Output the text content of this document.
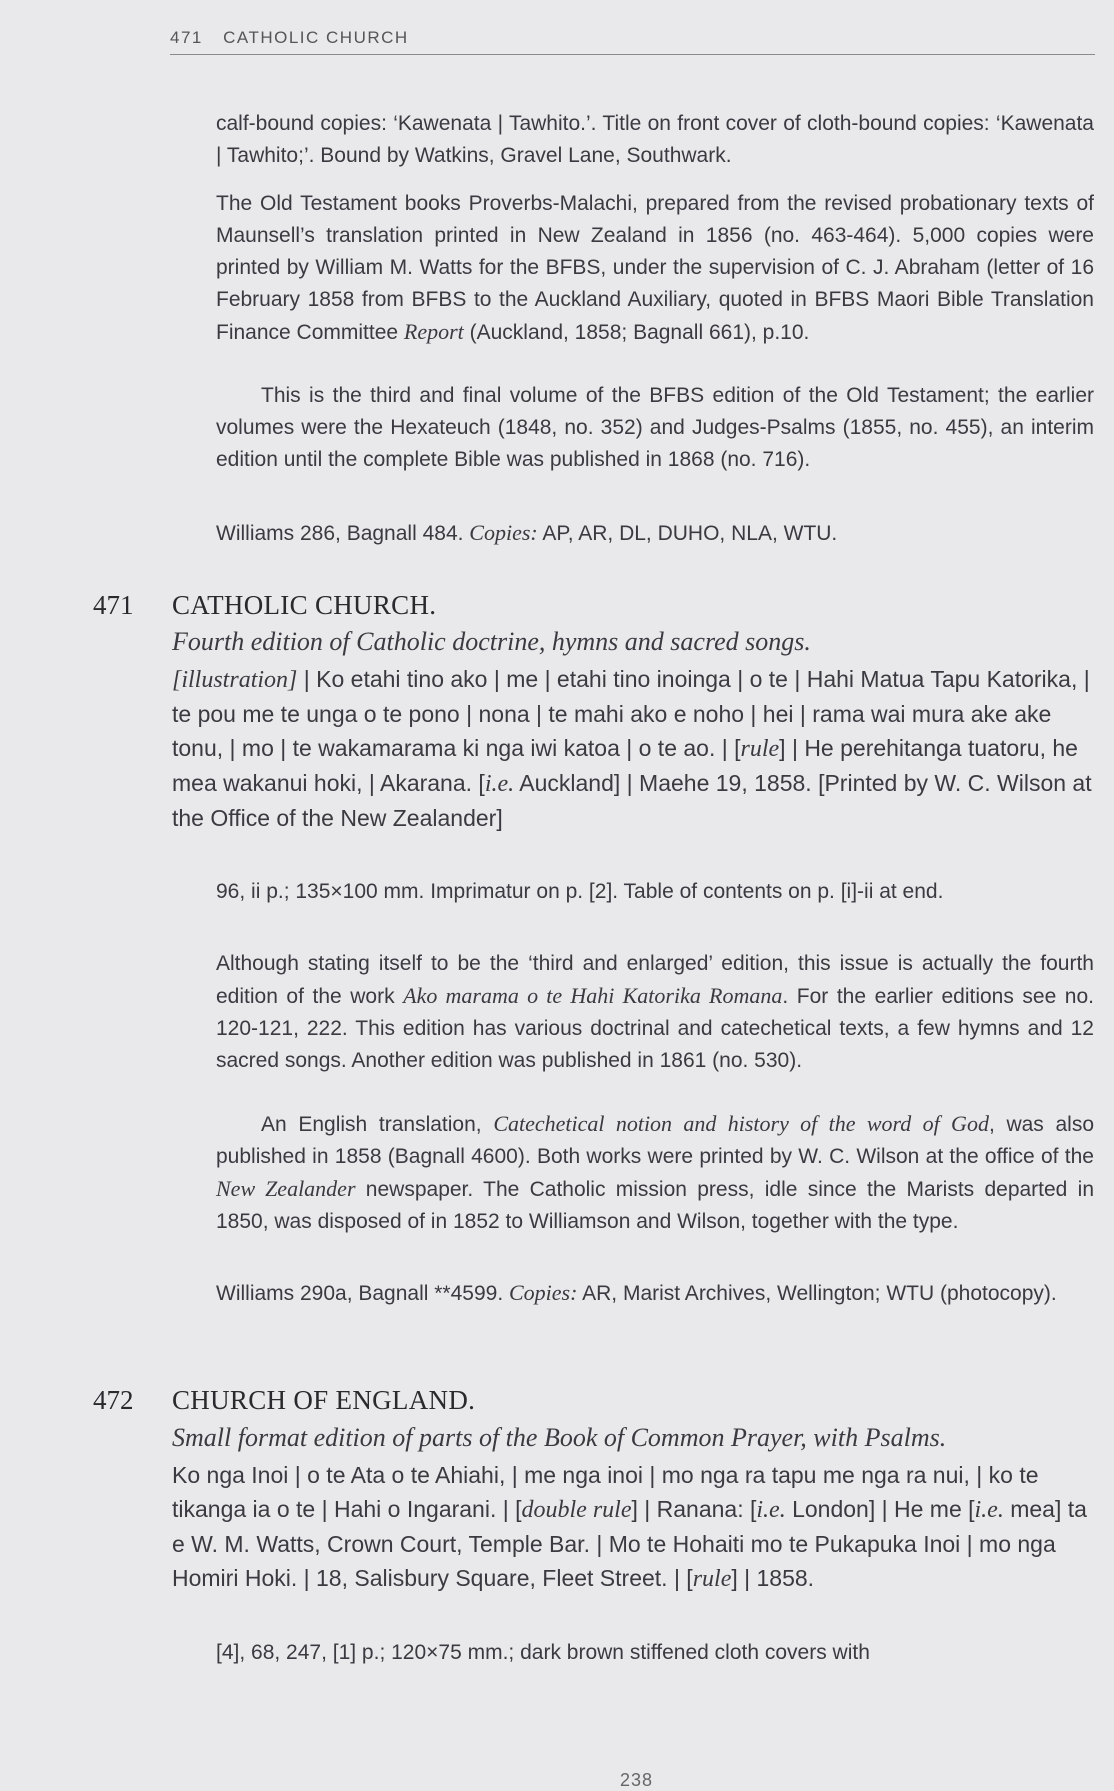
471 CATHOLIC CHURCH

calf-bound copies: ‘Kawenata | Tawhito.’. Title on front cover of cloth-bound copies: ‘Kawenata | Tawhito;’. Bound by Watkins, Gravel Lane, Southwark.

The Old Testament books Proverbs-Malachi, prepared from the revised probationary texts of Maunsell’s translation printed in New Zealand in 1856 (no. 463-464). 5,000 copies were printed by William M. Watts for the BFBS, under the supervision of C. J. Abraham (letter of 16 February 1858 from BFBS to the Auckland Auxiliary, quoted in BFBS Maori Bible Translation Finance Committee Report (Auckland, 1858; Bagnall 661), p.10.

This is the third and final volume of the BFBS edition of the Old Testament; the earlier volumes were the Hexateuch (1848, no. 352) and Judges-Psalms (1855, no. 455), an interim edition until the complete Bible was published in 1868 (no. 716).

Williams 286, Bagnall 484. Copies: AP, AR, DL, DUHO, NLA, WTU.

471 CATHOLIC CHURCH.
Fourth edition of Catholic doctrine, hymns and sacred songs.
[illustration] | Ko etahi tino ako | me | etahi tino inoinga | o te | Hahi Matua Tapu Katorika, | te pou me te unga o te pono | nona | te mahi ako e noho | hei | rama wai mura ake ake tonu, | mo | te wakamarama ki nga iwi katoa | o te ao. | [rule] | He perehitanga tuatoru, he mea wakanui hoki, | Akarana. [i.e. Auckland] | Maehe 19, 1858. [Printed by W. C. Wilson at the Office of the New Zealander]

96, ii p.; 135×100 mm. Imprimatur on p. [2]. Table of contents on p. [i]-ii at end.

Although stating itself to be the ‘third and enlarged’ edition, this issue is actually the fourth edition of the work Ako marama o te Hahi Katorika Romana. For the earlier editions see no. 120-121, 222. This edition has various doctrinal and catechetical texts, a few hymns and 12 sacred songs. Another edition was published in 1861 (no. 530).

An English translation, Catechetical notion and history of the word of God, was also published in 1858 (Bagnall 4600). Both works were printed by W. C. Wilson at the office of the New Zealander newspaper. The Catholic mission press, idle since the Marists departed in 1850, was disposed of in 1852 to Williamson and Wilson, together with the type.

Williams 290a, Bagnall **4599. Copies: AR, Marist Archives, Wellington; WTU (photocopy).

472 CHURCH OF ENGLAND.
Small format edition of parts of the Book of Common Prayer, with Psalms.
Ko nga Inoi | o te Ata o te Ahiahi, | me nga inoi | mo nga ra tapu me nga ra nui, | ko te tikanga ia o te | Hahi o Ingarani. | [double rule] | Ranana: [i.e. London] | He me [i.e. mea] ta e W. M. Watts, Crown Court, Temple Bar. | Mo te Hohaiti mo te Pukapuka Inoi | mo nga Homiri Hoki. | 18, Salisbury Square, Fleet Street. | [rule] | 1858.

[4], 68, 247, [1] p.; 120×75 mm.; dark brown stiffened cloth covers with

238
